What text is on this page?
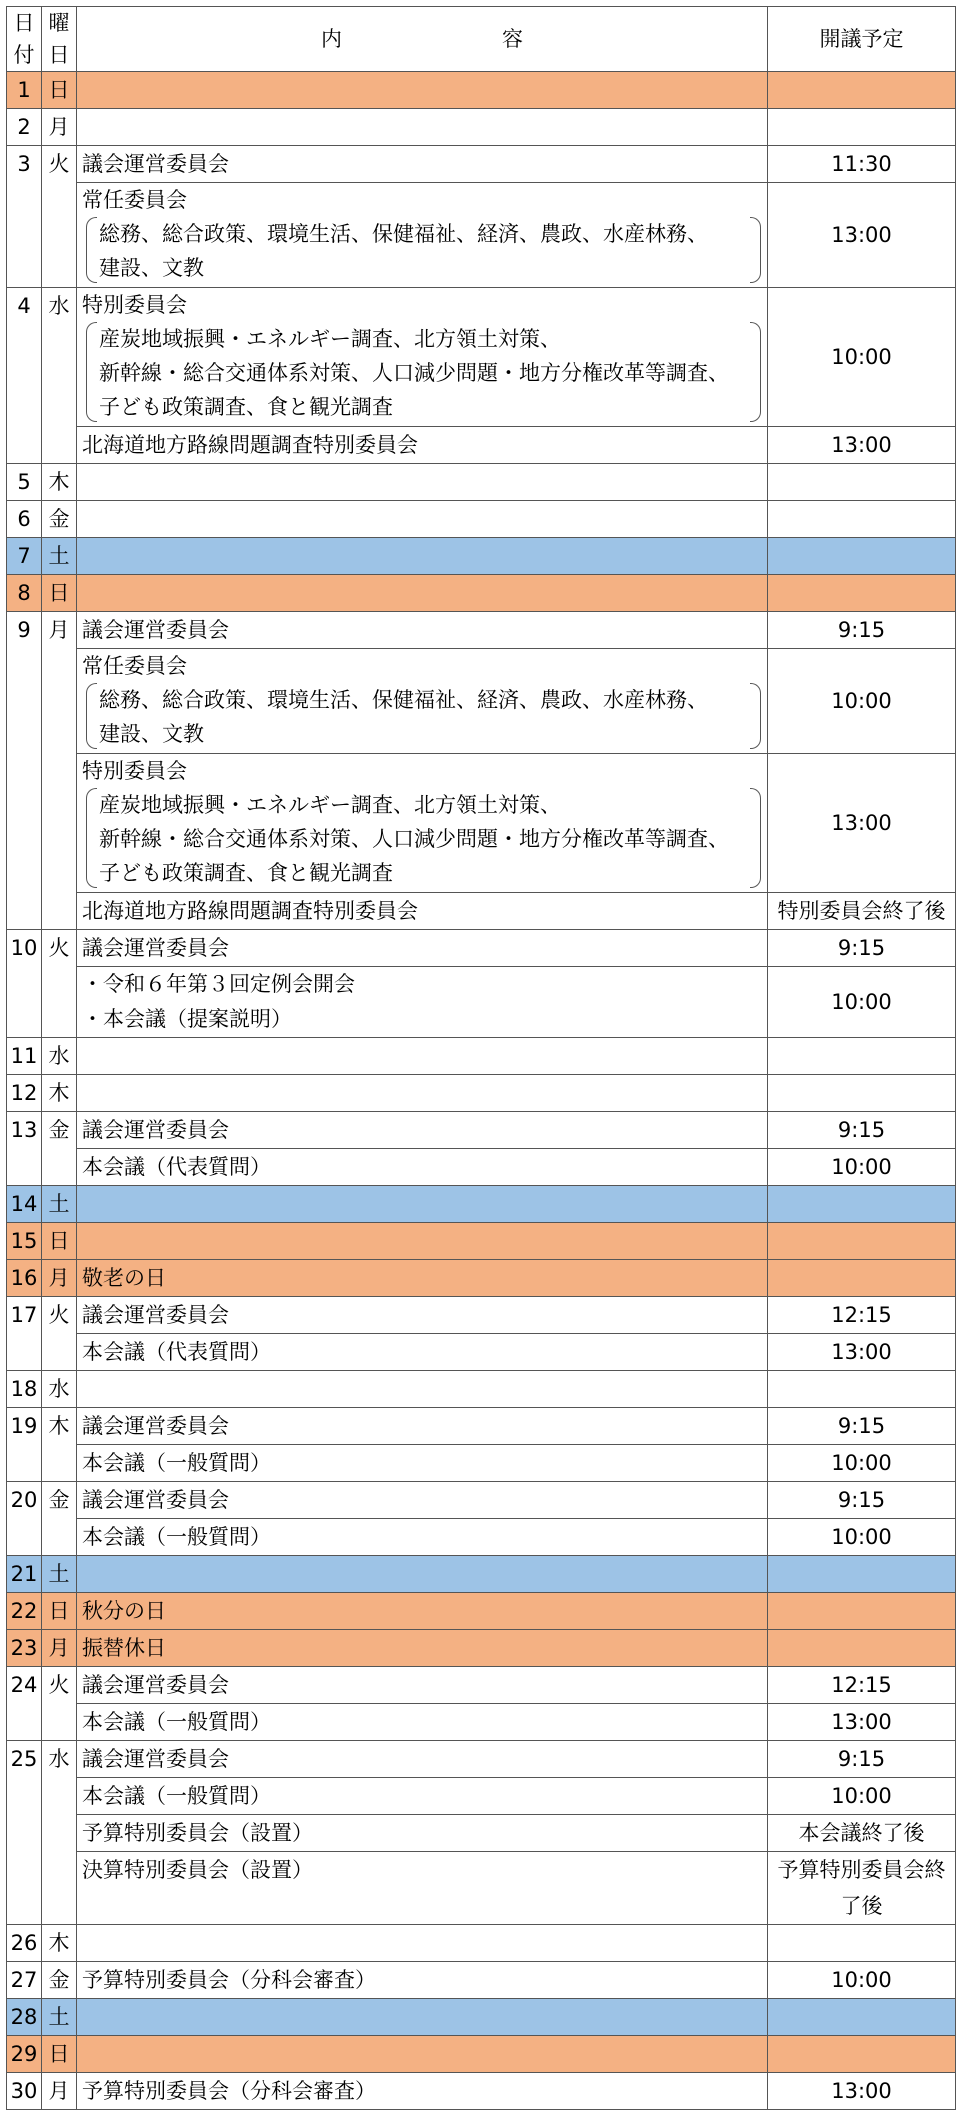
日付	曜日	内 容	開議予定
1	日		
2	月		
3	火	議会運営委員会	11:30

		常任委員会
総務、総合政策、環境生活、保健福祉、経済、農政、水産林務、
建設、文教	13:00
4	水	特別委員会
産炭地域振興・エネルギー調査、北方領土対策、
新幹線・総合交通体系対策、人口減少問題・地方分権改革等調査、
子ども政策調査、食と観光調査	10:00
		北海道地方路線問題調査特別委員会	13:00
5	木		
6	金		
7	土		
8	日		
9	月	議会運営委員会	9:15

		常任委員会
総務、総合政策、環境生活、保健福祉、経済、農政、水産林務、
建設、文教	10:00

		特別委員会
産炭地域振興・エネルギー調査、北方領土対策、
新幹線・総合交通体系対策、人口減少問題・地方分権改革等調査、
子ども政策調査、食と観光調査	13:00
		北海道地方路線問題調査特別委員会	特別委員会終了後
10	火	議会運営委員会	9:15

		・令和６年第３回定例会開会
・本会議（提案説明）	10:00
11	水		
12	木		
13	金	議会運営委員会	9:15
		本会議（代表質問）	10:00
14	土		
15	日		
16	月	敬老の日	
17	火	議会運営委員会	12:15
		本会議（代表質問）	13:00
18	水		
19	木	議会運営委員会	9:15
		本会議（一般質問）	10:00
20	金	議会運営委員会	9:15
		本会議（一般質問）	10:00
21	土		
22	日	秋分の日	
23	月	振替休日	
24	火	議会運営委員会	12:15
		本会議（一般質問）	13:00
25	水	議会運営委員会	9:15
		本会議（一般質問）	10:00
		予算特別委員会（設置）	本会議終了後
		決算特別委員会（設置）	予算特別委員会終了後
26	木		
27	金	予算特別委員会（分科会審査）	10:00
28	土		
29	日		
30	月	予算特別委員会（分科会審査）	13:00
